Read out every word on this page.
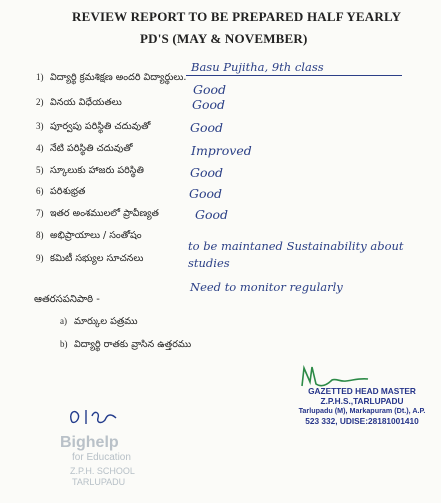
REVIEW REPORT TO BE PREPARED HALF YEARLY
PD'S (MAY & NOVEMBER)
1) విద్యార్థి క్రమశిక్షణ అందరి విద్యార్థులు.
Basu Pujitha, 9th class
2) వినయ విధేయతలు
Good
3) పూర్వపు పరిస్థితి చదువుతో
Good
4) నేటి పరిస్థితి చదువుతో
Good
5) స్కూలుకు హాజరు పరిస్థితి
Improved
6) పరిశుభ్రత
Good
7) ఇతర అంశములలో ప్రావీణ్యత
Good
8) అభిప్రాయాలు / సంతోషం
Good
9) కమిటీ సభ్యుల సూచనలు
to be maintaned Sustainability about studies
Need to monitor regularly
ఆతరసపనిపాఠి -
a) మార్కుల పత్రము
b) విద్యార్థి రాతకు వ్రాసిన ఉత్తరము
GAZETTED HEAD MASTER
Z.P.H.S.,TARLUPADU
Tarlupadu (M), Markapuram (Dt.), A.P.
523 332, UDISE:28181001410
Bighelp
for Education
Z.P.H. SCHOOL
TARLUPADU
